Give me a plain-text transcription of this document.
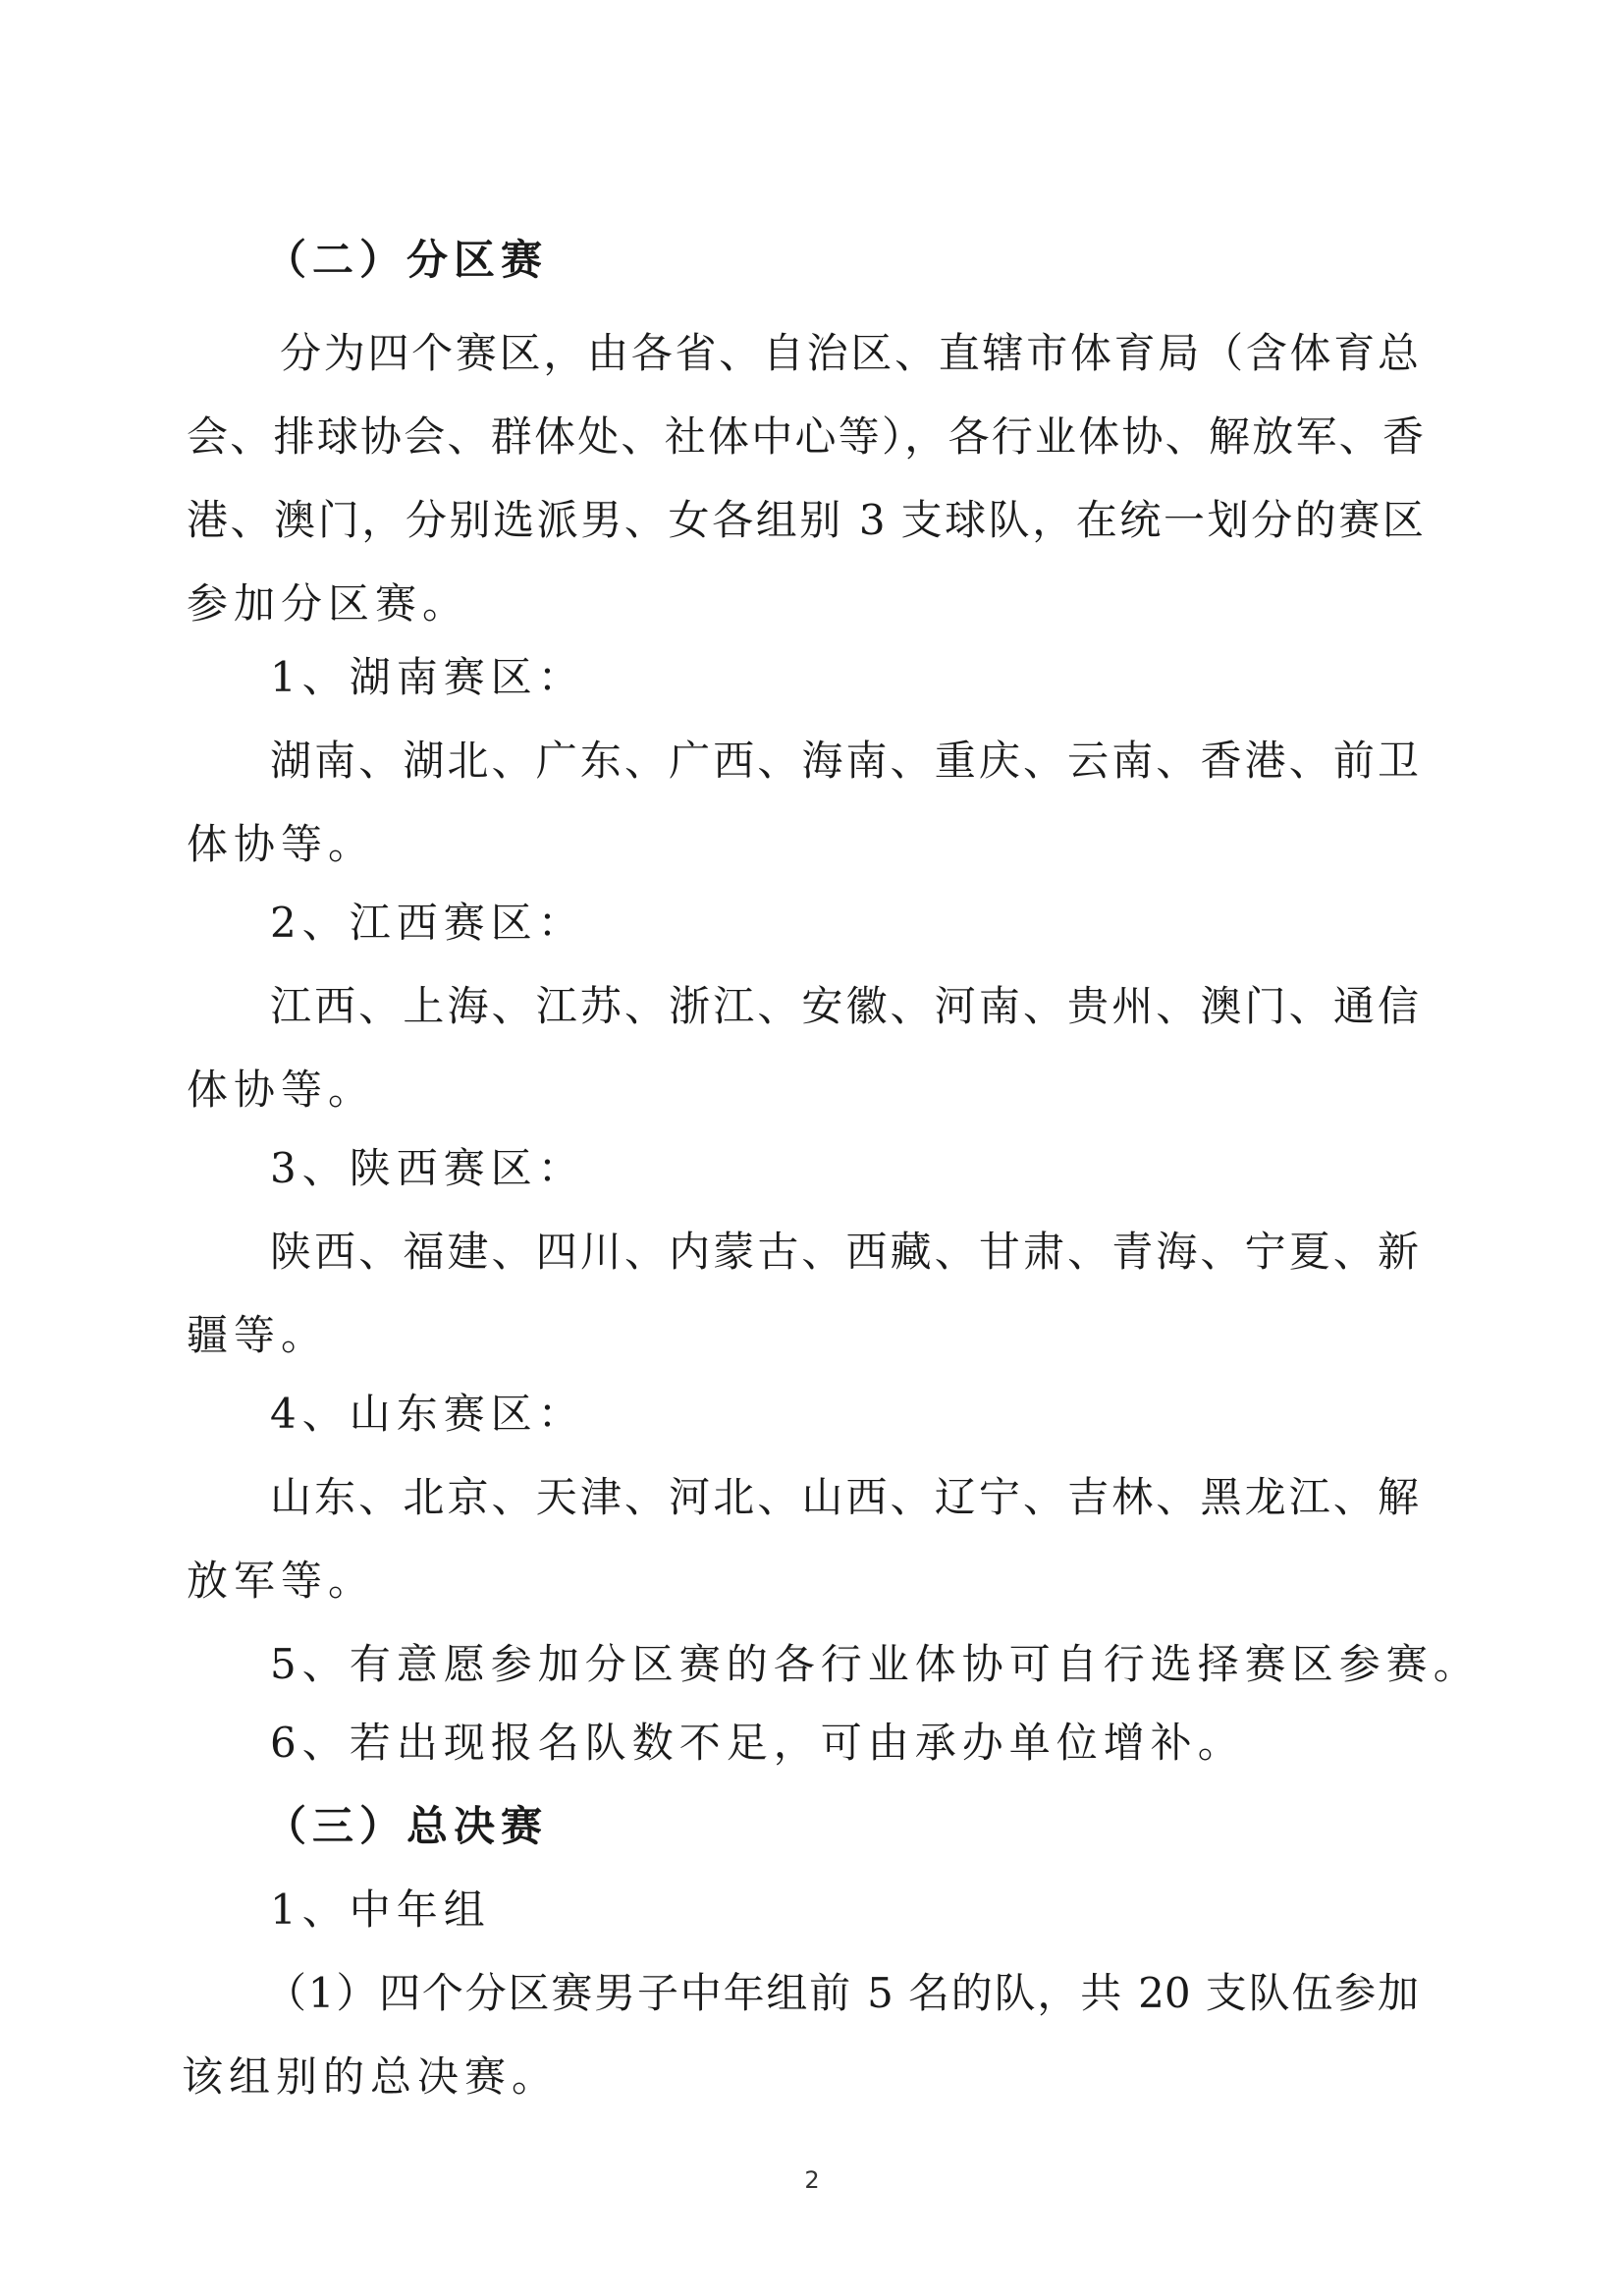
（二）分区赛
分为四个赛区，由各省、自治区、直辖市体育局（含体育总
会、排球协会、群体处、社体中心等），各行业体协、解放军、香
港、澳门，分别选派男、女各组别 3 支球队，在统一划分的赛区
参加分区赛。
1、湖南赛区：
湖南、湖北、广东、广西、海南、重庆、云南、香港、前卫
体协等。
2、江西赛区：
江西、上海、江苏、浙江、安徽、河南、贵州、澳门、通信
体协等。
3、陕西赛区：
陕西、福建、四川、内蒙古、西藏、甘肃、青海、宁夏、新
疆等。
4、山东赛区：
山东、北京、天津、河北、山西、辽宁、吉林、黑龙江、解
放军等。
5、有意愿参加分区赛的各行业体协可自行选择赛区参赛。
6、若出现报名队数不足，可由承办单位增补。
（三）总决赛
1、中年组
（1）四个分区赛男子中年组前 5 名的队，共 20 支队伍参加
该组别的总决赛。
2
